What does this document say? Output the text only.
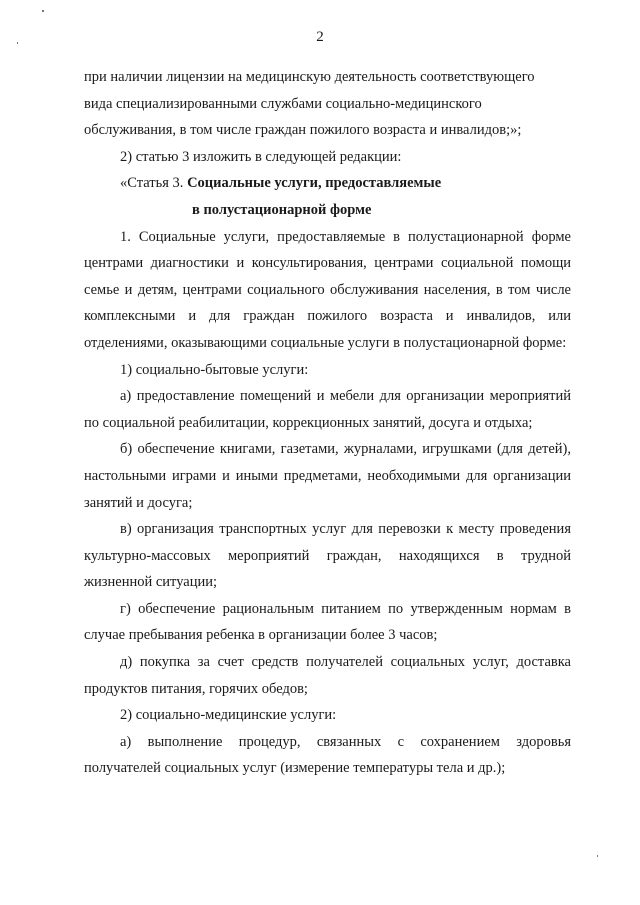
2

при наличии лицензии на медицинскую деятельность соответствующего

вида специализированными службами социально-медицинского

обслуживания, в том числе граждан пожилого возраста и инвалидов;»;

2) статью 3 изложить в следующей редакции:

«Статья 3. Социальные услуги, предоставляемые
в полустационарной форме

1. Социальные услуги, предоставляемые в полустационарной форме центрами диагностики и консультирования, центрами социальной помощи семье и детям, центрами социального обслуживания населения, в том числе комплексными и для граждан пожилого возраста и инвалидов, или отделениями, оказывающими социальные услуги в полустационарной форме:

1) социально-бытовые услуги:

а) предоставление помещений и мебели для организации мероприятий по социальной реабилитации, коррекционных занятий, досуга и отдыха;

б) обеспечение книгами, газетами, журналами, игрушками (для детей), настольными играми и иными предметами, необходимыми для организации занятий и досуга;

в) организация транспортных услуг для перевозки к месту проведения культурно-массовых мероприятий граждан, находящихся в трудной жизненной ситуации;

г) обеспечение рациональным питанием по утвержденным нормам в случае пребывания ребенка в организации более 3 часов;

д) покупка за счет средств получателей социальных услуг, доставка продуктов питания, горячих обедов;

2) социально-медицинские услуги:

а) выполнение процедур, связанных с сохранением здоровья получателей социальных услуг (измерение температуры тела и др.);
